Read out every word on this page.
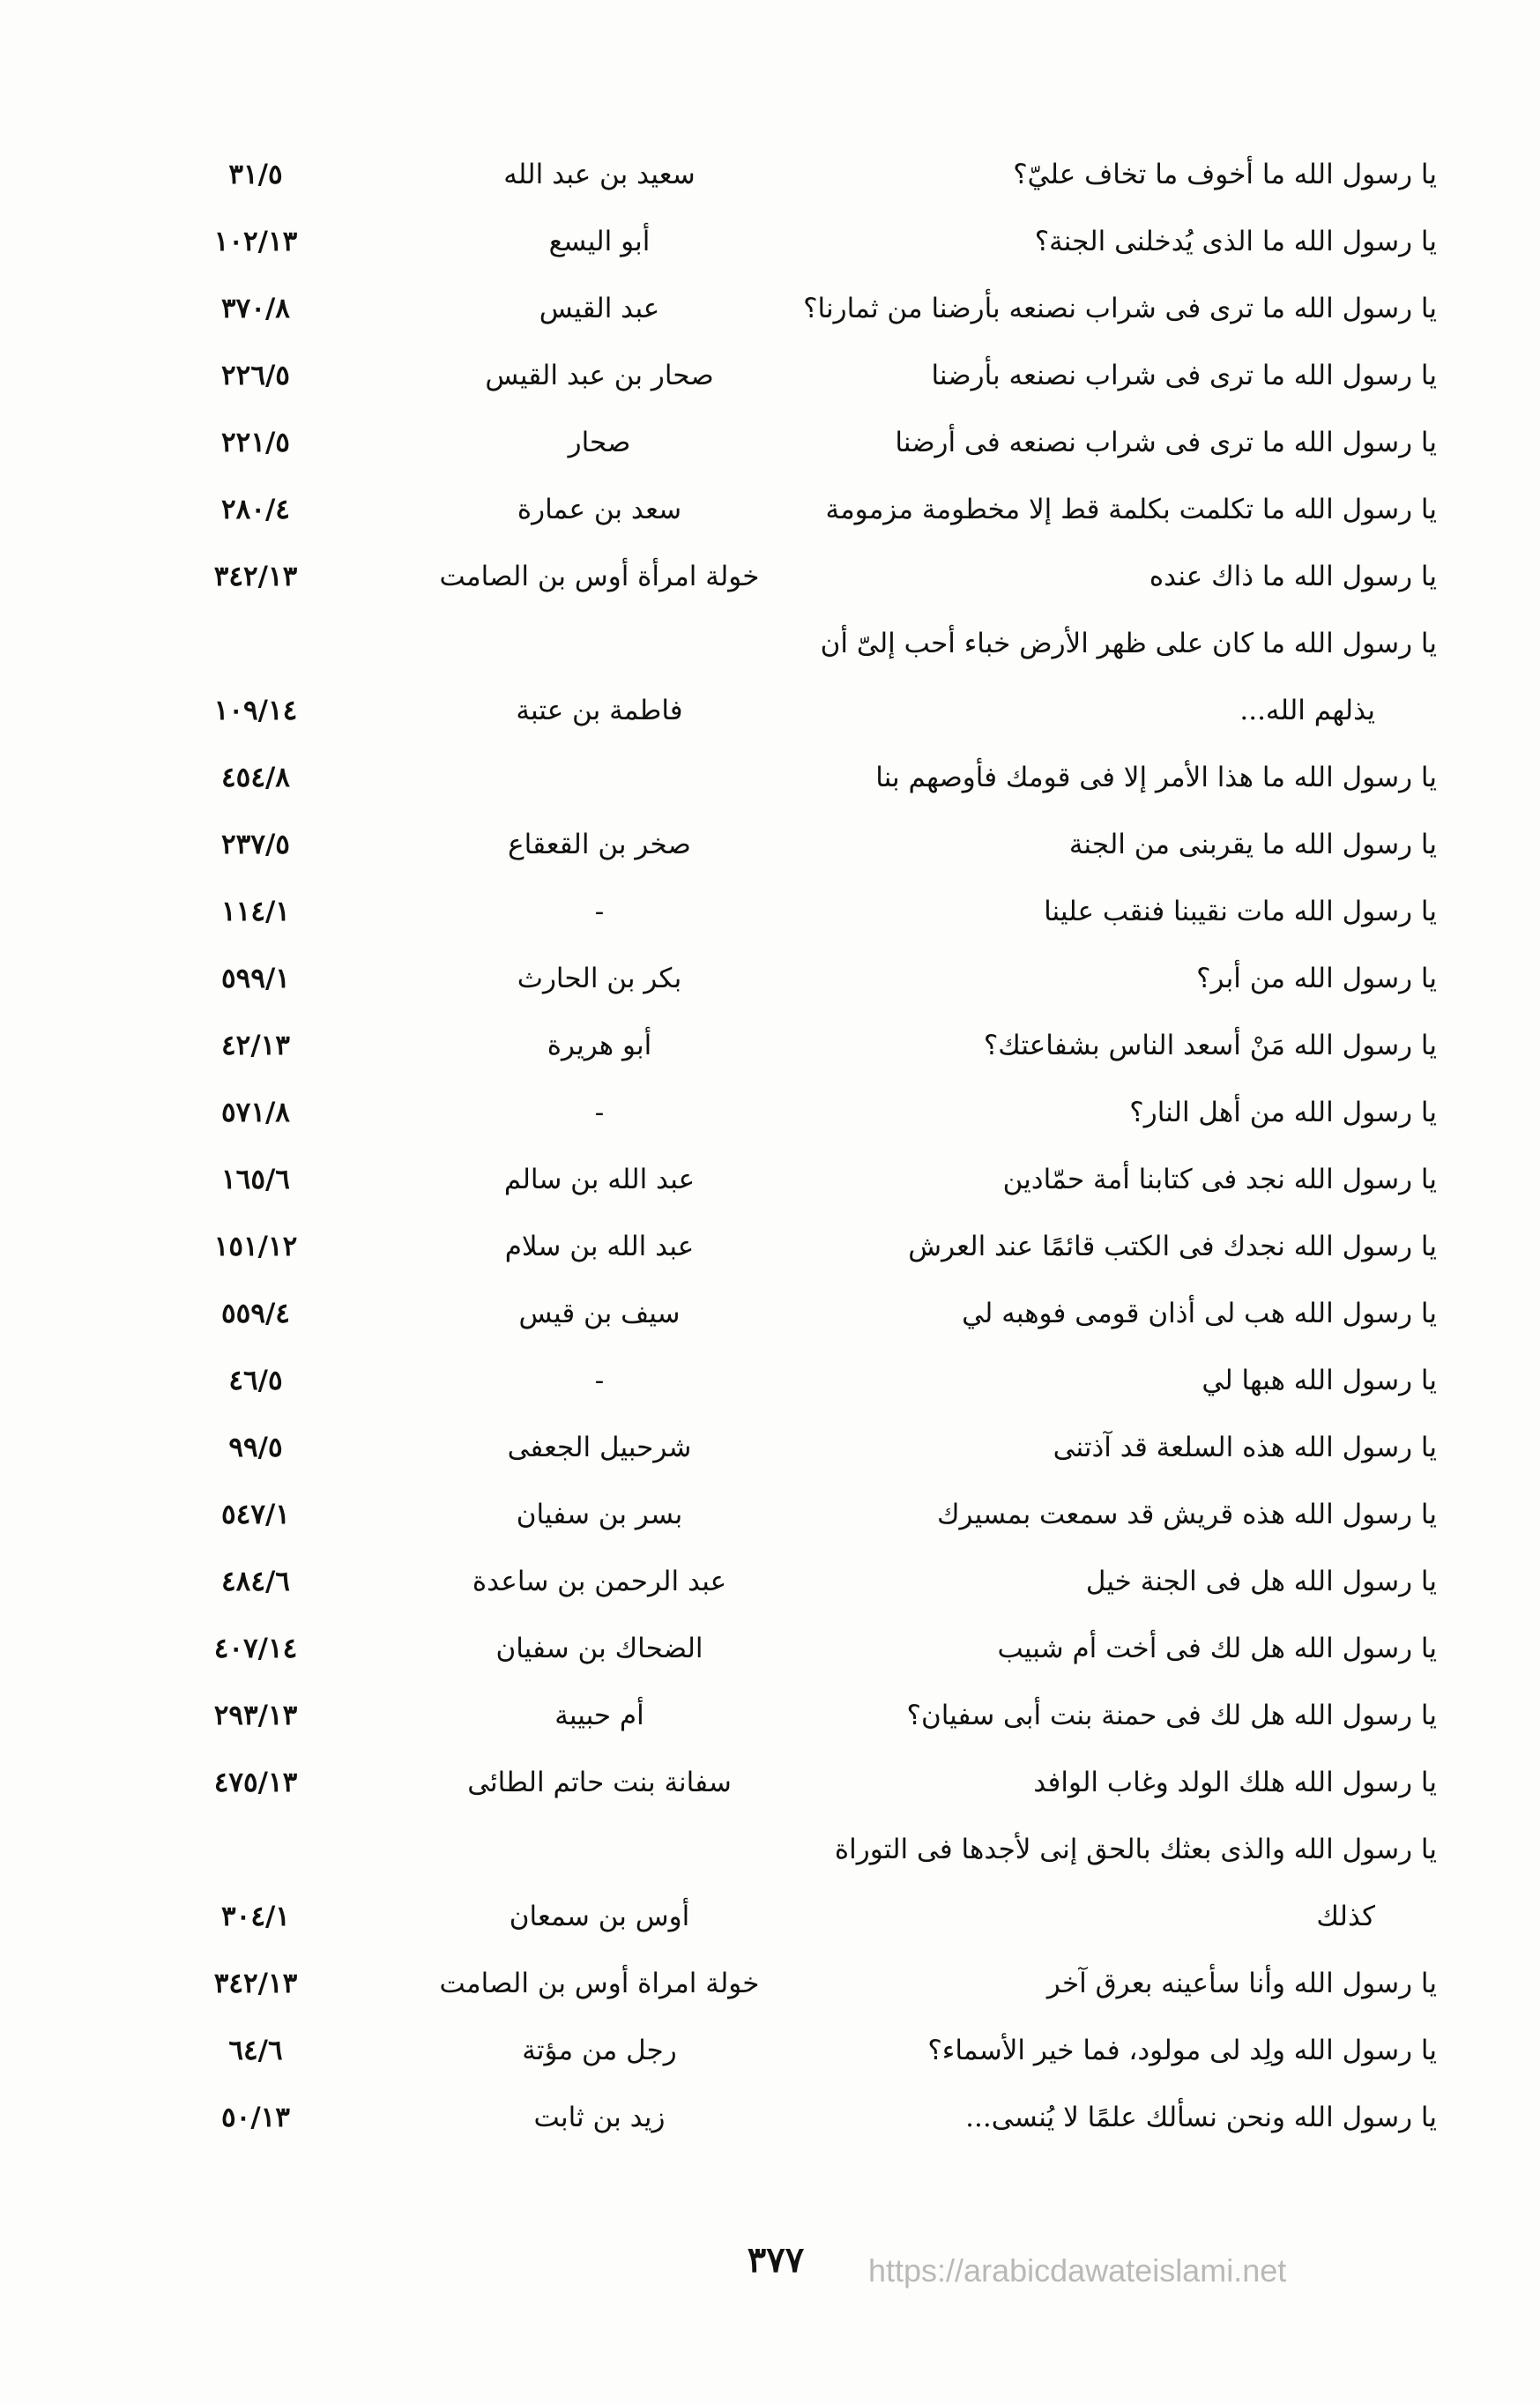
يا رسول الله ما أخوف ما تخاف عليّ؟
سعيد بن عبد الله
٣١/٥
يا رسول الله ما الذى يُدخلنى الجنة؟
أبو اليسع
١٠٢/١٣
يا رسول الله ما ترى فى شراب نصنعه بأرضنا من ثمارنا؟
عبد القيس
٣٧٠/٨
يا رسول الله ما ترى فى شراب نصنعه بأرضنا
صحار بن عبد القيس
٢٢٦/٥
يا رسول الله ما ترى فى شراب نصنعه فى أرضنا
صحار
٢٢١/٥
يا رسول الله ما تكلمت بكلمة قط إلا مخطومة مزمومة
سعد بن عمارة
٢٨٠/٤
يا رسول الله ما ذاك عنده
خولة امرأة أوس بن الصامت
٣٤٢/١٣
يا رسول الله ما كان على ظهر الأرض خباء أحب إلىّ أن
يذلهم الله...
فاطمة بن عتبة
١٠٩/١٤
يا رسول الله ما هذا الأمر إلا فى قومك فأوصهم بنا
٤٥٤/٨
يا رسول الله ما يقربنى من الجنة
صخر بن القعقاع
٢٣٧/٥
يا رسول الله مات نقيبنا فنقب علينا
-
١١٤/١
يا رسول الله من أبر؟
بكر بن الحارث
٥٩٩/١
يا رسول الله مَنْ أسعد الناس بشفاعتك؟
أبو هريرة
٤٢/١٣
يا رسول الله من أهل النار؟
-
٥٧١/٨
يا رسول الله نجد فى كتابنا أمة حمّادين
عبد الله بن سالم
١٦٥/٦
يا رسول الله نجدك فى الكتب قائمًا عند العرش
عبد الله بن سلام
١٥١/١٢
يا رسول الله هب لى أذان قومى فوهبه لي
سيف بن قيس
٥٥٩/٤
يا رسول الله هبها لي
-
٤٦/٥
يا رسول الله هذه السلعة قد آذتنى
شرحبيل الجعفى
٩٩/٥
يا رسول الله هذه قريش قد سمعت بمسيرك
بسر بن سفيان
٥٤٧/١
يا رسول الله هل فى الجنة خيل
عبد الرحمن بن ساعدة
٤٨٤/٦
يا رسول الله هل لك فى أخت أم شبيب
الضحاك بن سفيان
٤٠٧/١٤
يا رسول الله هل لك فى حمنة بنت أبى سفيان؟
أم حبيبة
٢٩٣/١٣
يا رسول الله هلك الولد وغاب الوافد
سفانة بنت حاتم الطائى
٤٧٥/١٣
يا رسول الله والذى بعثك بالحق إنى لأجدها فى التوراة
كذلك
أوس بن سمعان
٣٠٤/١
يا رسول الله وأنا سأعينه بعرق آخر
خولة امراة أوس بن الصامت
٣٤٢/١٣
يا رسول الله ولِد لى مولود، فما خير الأسماء؟
رجل من مؤتة
٦٤/٦
يا رسول الله ونحن نسألك علمًا لا يُنسى...
زيد بن ثابت
٥٠/١٣
٣٧٧	https://arabicdawateislami.net
